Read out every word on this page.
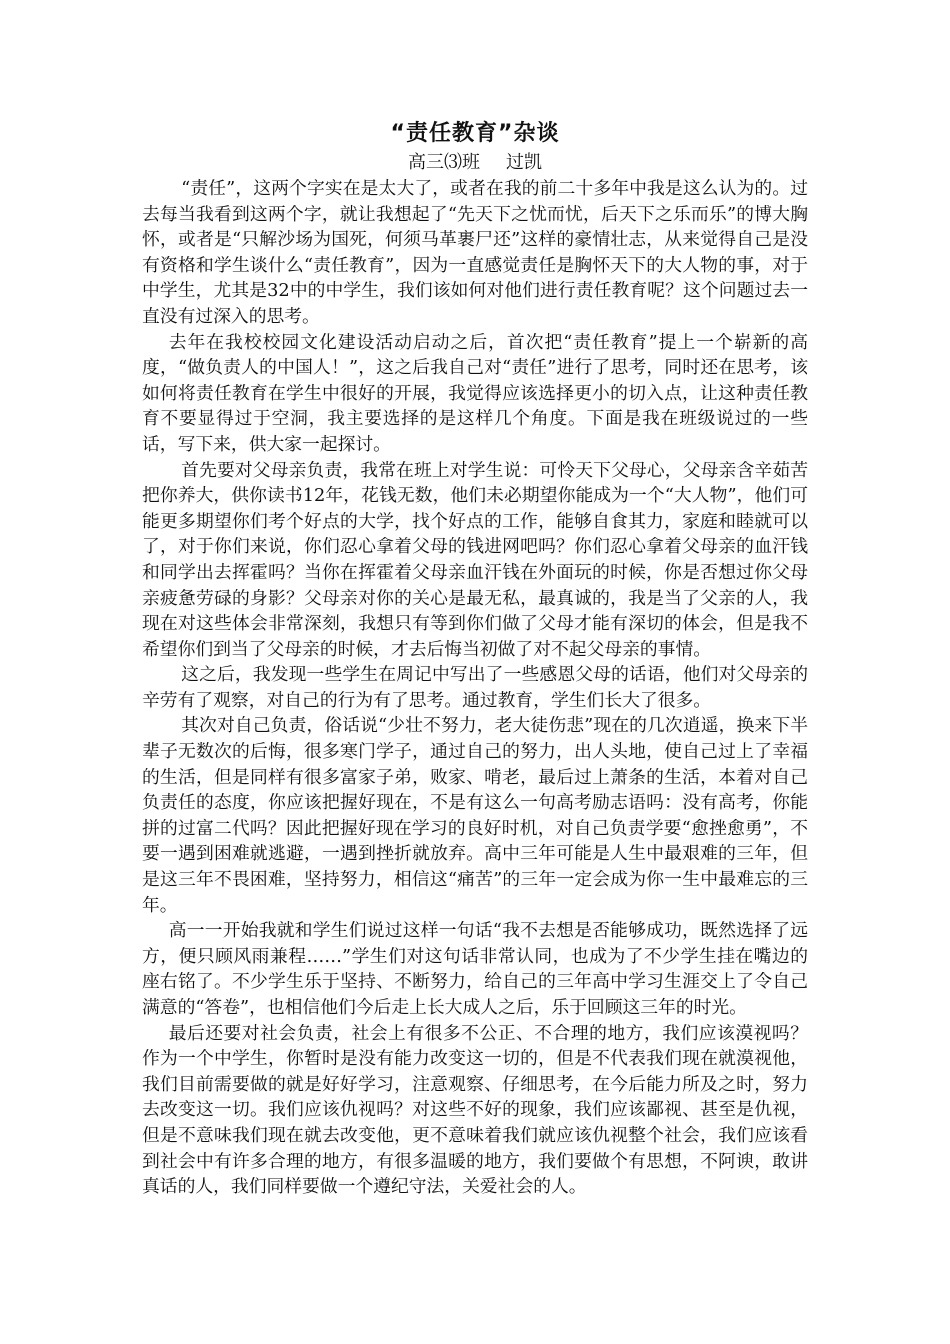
“责任教育”杂谈

高三⑶班 过凯

“责任”，这两个字实在是太大了，或者在我的前二十多年中我是这么认为的。过去每当我看到这两个字，就让我想起了“先天下之忧而忧，后天下之乐而乐”的博大胸怀，或者是“只解沙场为国死，何须马革裹尸还”这样的豪情壮志，从来觉得自己是没有资格和学生谈什么“责任教育”，因为一直感觉责任是胸怀天下的大人物的事，对于中学生，尤其是32中的中学生，我们该如何对他们进行责任教育呢？这个问题过去一直没有过深入的思考。

去年在我校校园文化建设活动启动之后，首次把“责任教育”提上一个崭新的高度，“做负责人的中国人！”，这之后我自己对“责任”进行了思考，同时还在思考，该如何将责任教育在学生中很好的开展，我觉得应该选择更小的切入点，让这种责任教育不要显得过于空洞，我主要选择的是这样几个角度。下面是我在班级说过的一些话，写下来，供大家一起探讨。

首先要对父母亲负责，我常在班上对学生说：可怜天下父母心，父母亲含辛茹苦把你养大，供你读书12年，花钱无数，他们未必期望你能成为一个“大人物”，他们可能更多期望你们考个好点的大学，找个好点的工作，能够自食其力，家庭和睦就可以了，对于你们来说，你们忍心拿着父母的钱进网吧吗？你们忍心拿着父母亲的血汗钱和同学出去挥霍吗？当你在挥霍着父母亲血汗钱在外面玩的时候，你是否想过你父母亲疲惫劳碌的身影？父母亲对你的关心是最无私，最真诚的，我是当了父亲的人，我现在对这些体会非常深刻，我想只有等到你们做了父母才能有深切的体会，但是我不希望你们到当了父母亲的时候，才去后悔当初做了对不起父母亲的事情。

这之后，我发现一些学生在周记中写出了一些感恩父母的话语，他们对父母亲的辛劳有了观察，对自己的行为有了思考。通过教育，学生们长大了很多。

其次对自己负责，俗话说“少壮不努力，老大徒伤悲”现在的几次逍遥，换来下半辈子无数次的后悔，很多寒门学子，通过自己的努力，出人头地，使自己过上了幸福的生活，但是同样有很多富家子弟，败家、啃老，最后过上萧条的生活，本着对自己负责任的态度，你应该把握好现在，不是有这么一句高考励志语吗：没有高考，你能拼的过富二代吗？因此把握好现在学习的良好时机，对自己负责学要“愈挫愈勇”，不要一遇到困难就逃避，一遇到挫折就放弃。高中三年可能是人生中最艰难的三年，但是这三年不畏困难，坚持努力，相信这“痛苦”的三年一定会成为你一生中最难忘的三年。

高一一开始我就和学生们说过这样一句话“我不去想是否能够成功，既然选择了远方，便只顾风雨兼程……”学生们对这句话非常认同，也成为了不少学生挂在嘴边的座右铭了。不少学生乐于坚持、不断努力，给自己的三年高中学习生涯交上了令自己满意的“答卷”，也相信他们今后走上长大成人之后，乐于回顾这三年的时光。

最后还要对社会负责，社会上有很多不公正、不合理的地方，我们应该漠视吗？作为一个中学生，你暂时是没有能力改变这一切的，但是不代表我们现在就漠视他，我们目前需要做的就是好好学习，注意观察、仔细思考，在今后能力所及之时，努力去改变这一切。我们应该仇视吗？对这些不好的现象，我们应该鄙视、甚至是仇视，但是不意味我们现在就去改变他，更不意味着我们就应该仇视整个社会，我们应该看到社会中有许多合理的地方，有很多温暖的地方，我们要做个有思想，不阿谀，敢讲真话的人，我们同样要做一个遵纪守法，关爱社会的人。
